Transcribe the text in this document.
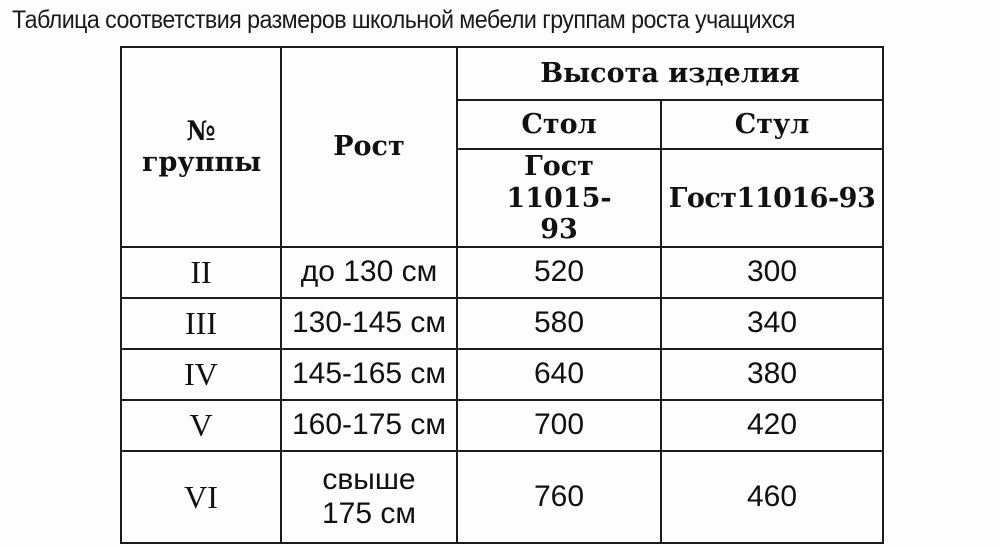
Таблица соответствия размеров школьной мебели группам роста учащихся
№ группы	Рост	Высота изделия	
		Стол	Стул
		Гост 11015-93	Гост11016-93
II	до 130 см	520	300
III	130-145 см	580	340
IV	145-165 см	640	380
V	160-175 см	700	420
VI	свыше 175 см	760	460
